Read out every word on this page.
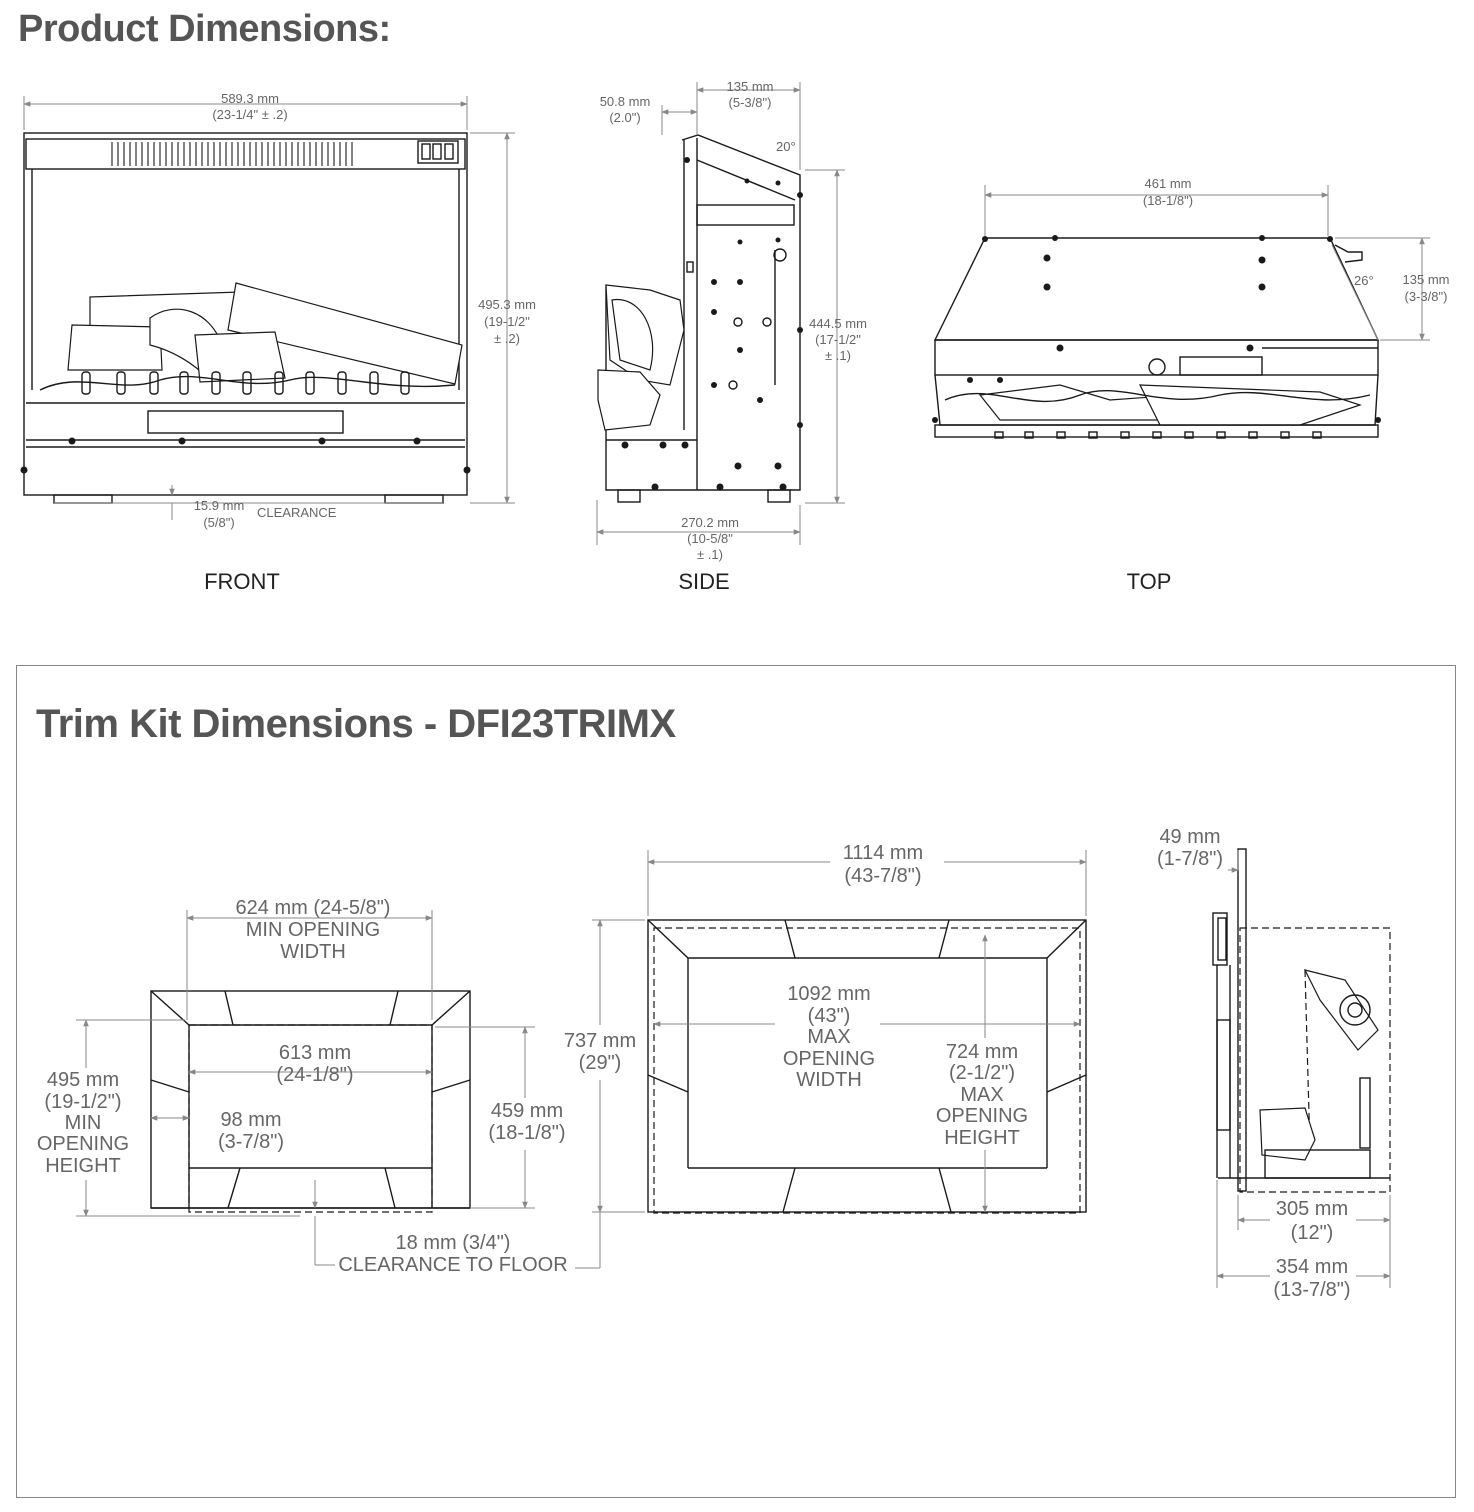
Product Dimensions:
Trim Kit Dimensions - DFI23TRIMX
589.3 mm
(23-1/4" ± .2)
495.3 mm
(19-1/2"
± .2)
15.9 mm
(5/8")
CLEARANCE
FRONT
50.8 mm
(2.0")
135 mm
(5-3/8")
20°
444.5 mm
(17-1/2"
± .1)
270.2 mm
(10-5/8"
± .1)
SIDE
461 mm
(18-1/8")
26° 135 mm
(3-3/8")
TOP
624 mm (24-5/8")
MIN OPENING
WIDTH
495 mm
(19-1/2")
MIN
OPENING
HEIGHT
613 mm
(24-1/8")
98 mm
(3-7/8")
459 mm
(18-1/8")
18 mm (3/4")
CLEARANCE TO FLOOR
737 mm
(29")
1114 mm
(43-7/8")
1092 mm
(43")
MAX
OPENING
WIDTH
724 mm
(2-1/2")
MAX
OPENING
HEIGHT
49 mm
(1-7/8")
305 mm
(12")
354 mm
(13-7/8")
